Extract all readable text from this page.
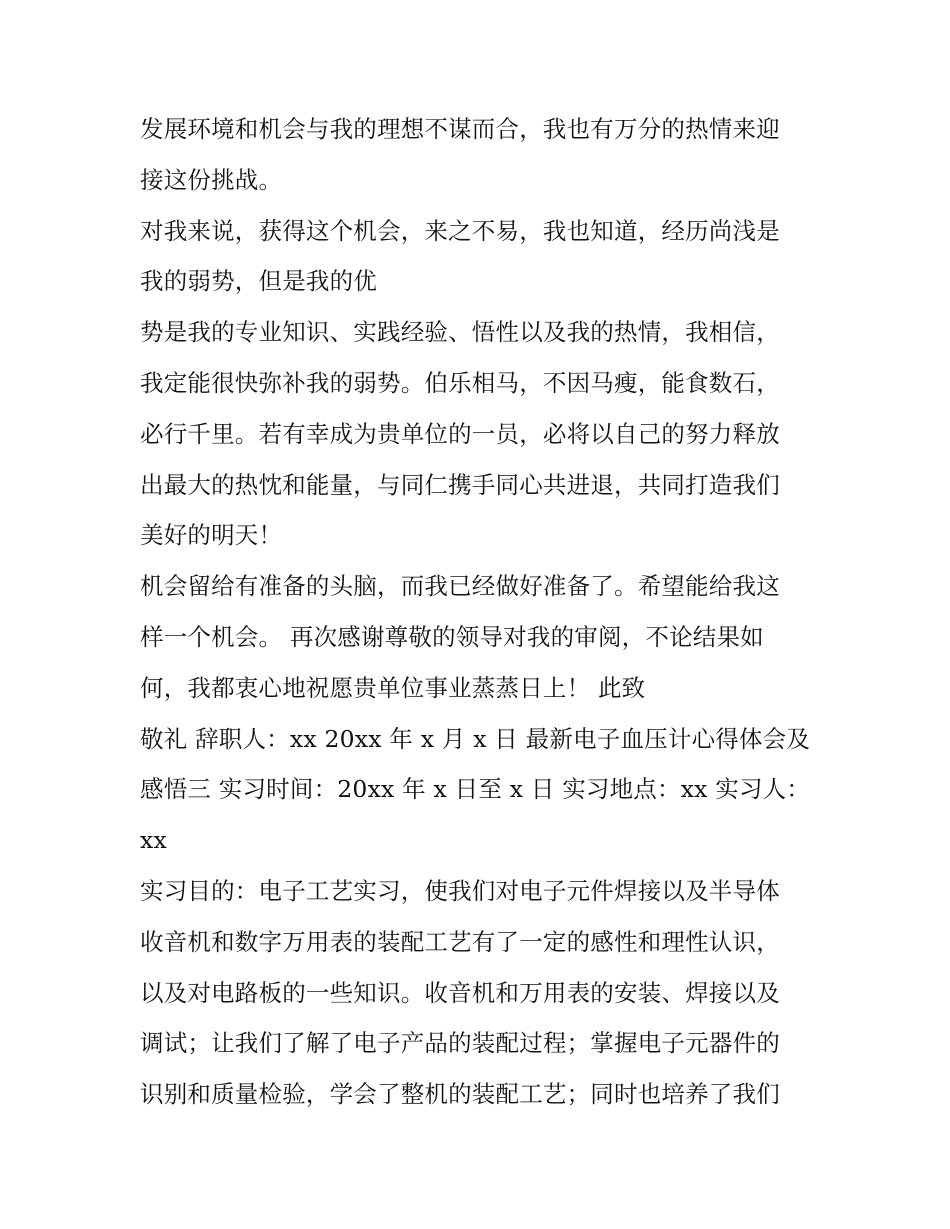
发展环境和机会与我的理想不谋而合，我也有万分的热情来迎
接这份挑战。
对我来说，获得这个机会，来之不易，我也知道，经历尚浅是
我的弱势，但是我的优
势是我的专业知识、实践经验、悟性以及我的热情，我相信，
我定能很快弥补我的弱势。伯乐相马，不因马瘦，能食数石，
必行千里。若有幸成为贵单位的一员，必将以自己的努力释放
出最大的热忱和能量，与同仁携手同心共进退，共同打造我们
美好的明天！
机会留给有准备的头脑，而我已经做好准备了。希望能给我这
样一个机会。 再次感谢尊敬的领导对我的审阅，不论结果如
何，我都衷心地祝愿贵单位事业蒸蒸日上！ 此致
敬礼 辞职人：xx 20xx 年 x 月 x 日 最新电子血压计心得体会及
感悟三 实习时间：20xx 年 x 日至 x 日 实习地点：xx 实习人：
xx
实习目的：电子工艺实习，使我们对电子元件焊接以及半导体
收音机和数字万用表的装配工艺有了一定的感性和理性认识，
以及对电路板的一些知识。收音机和万用表的安装、焊接以及
调试；让我们了解了电子产品的装配过程；掌握电子元器件的
识别和质量检验，学会了整机的装配工艺；同时也培养了我们
